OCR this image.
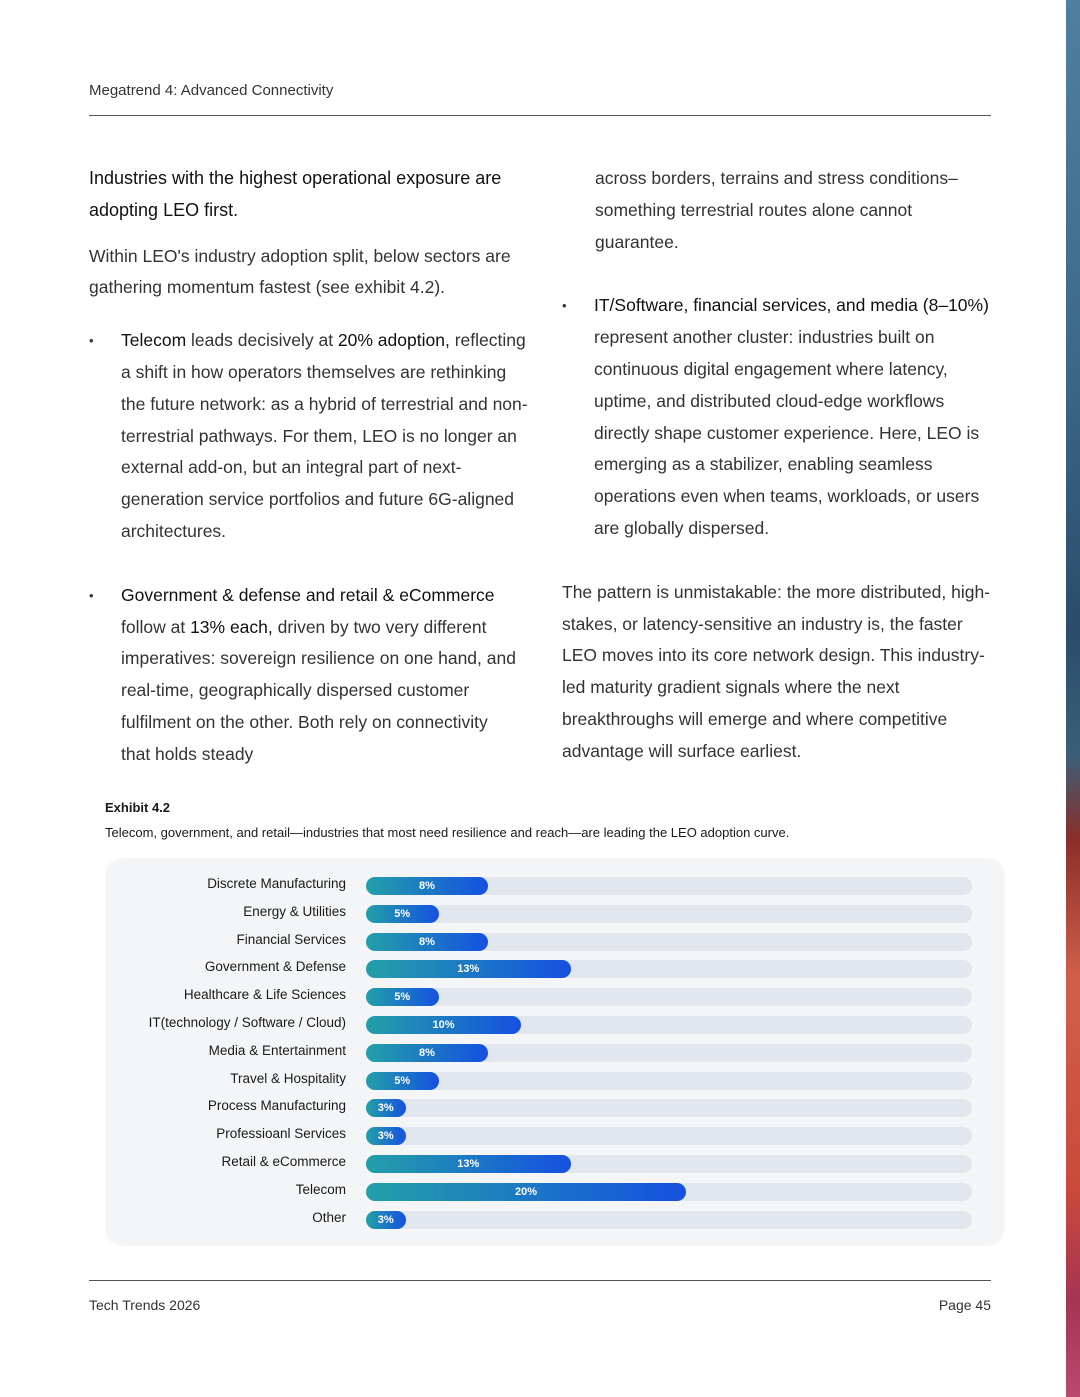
Megatrend 4: Advanced Connectivity

Industries with the highest operational exposure are adopting LEO first.

Within LEO's industry adoption split, below sectors are gathering momentum fastest (see exhibit 4.2).

• Telecom leads decisively at 20% adoption, reflecting a shift in how operators themselves are rethinking the future network: as a hybrid of terrestrial and non-terrestrial pathways. For them, LEO is no longer an external add-on, but an integral part of next-generation service portfolios and future 6G-aligned architectures.

• Government & defense and retail & eCommerce follow at 13% each, driven by two very different imperatives: sovereign resilience on one hand, and real-time, geographically dispersed customer fulfilment on the other. Both rely on connectivity that holds steady

across borders, terrains and stress conditions–something terrestrial routes alone cannot guarantee.

• IT/Software, financial services, and media (8–10%) represent another cluster: industries built on continuous digital engagement where latency, uptime, and distributed cloud-edge workflows directly shape customer experience. Here, LEO is emerging as a stabilizer, enabling seamless operations even when teams, workloads, or users are globally dispersed.

The pattern is unmistakable: the more distributed, high-stakes, or latency-sensitive an industry is, the faster LEO moves into its core network design. This industry-led maturity gradient signals where the next breakthroughs will emerge and where competitive advantage will surface earliest.

Exhibit 4.2
Telecom, government, and retail—industries that most need resilience and reach—are leading the LEO adoption curve.
Discrete Manufacturing	8%
Energy & Utilities	5%
Financial Services	8%
Government & Defense	13%
Healthcare & Life Sciences	5%
IT(technology / Software / Cloud)	10%
Media & Entertainment	8%
Travel & Hospitality	5%
Process Manufacturing	3%
Professioanl Services	3%
Retail & eCommerce	13%
Telecom	20%
Other	3%
Tech Trends 2026	Page 45
